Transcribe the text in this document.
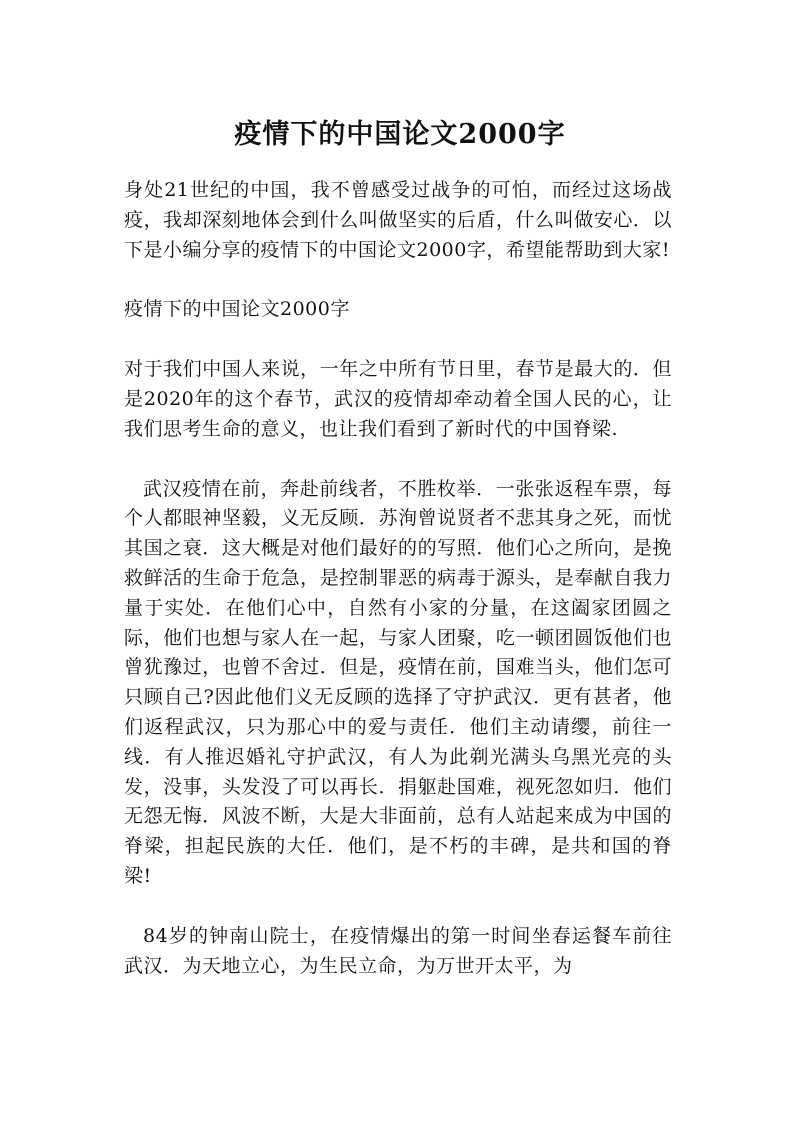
疫情下的中国论文2000字

身处21世纪的中国，我不曾感受过战争的可怕，而经过这场战疫，我却深刻地体会到什么叫做坚实的后盾，什么叫做安心．以下是小编分享的疫情下的中国论文2000字，希望能帮助到大家!

疫情下的中国论文2000字

对于我们中国人来说，一年之中所有节日里，春节是最大的．但是2020年的这个春节，武汉的疫情却牵动着全国人民的心，让我们思考生命的意义，也让我们看到了新时代的中国脊梁.

武汉疫情在前，奔赴前线者，不胜枚举．一张张返程车票，每个人都眼神坚毅，义无反顾．苏洵曾说贤者不悲其身之死，而忧其国之衰．这大概是对他们最好的的写照．他们心之所向，是挽救鲜活的生命于危急，是控制罪恶的病毒于源头，是奉献自我力量于实处．在他们心中，自然有小家的分量，在这阖家团圆之际，他们也想与家人在一起，与家人团聚，吃一顿团圆饭他们也曾犹豫过，也曾不舍过．但是，疫情在前，国难当头，他们怎可只顾自己?因此他们义无反顾的选择了守护武汉．更有甚者，他们返程武汉，只为那心中的爱与责任．他们主动请缨，前往一线．有人推迟婚礼守护武汉，有人为此剃光满头乌黑光亮的头发，没事，头发没了可以再长．捐躯赴国难，视死忽如归．他们无怨无悔．风波不断，大是大非面前，总有人站起来成为中国的脊梁，担起民族的大任．他们，是不朽的丰碑，是共和国的脊梁!

84岁的钟南山院士，在疫情爆出的第一时间坐春运餐车前往武汉．为天地立心，为生民立命，为万世开太平，为
